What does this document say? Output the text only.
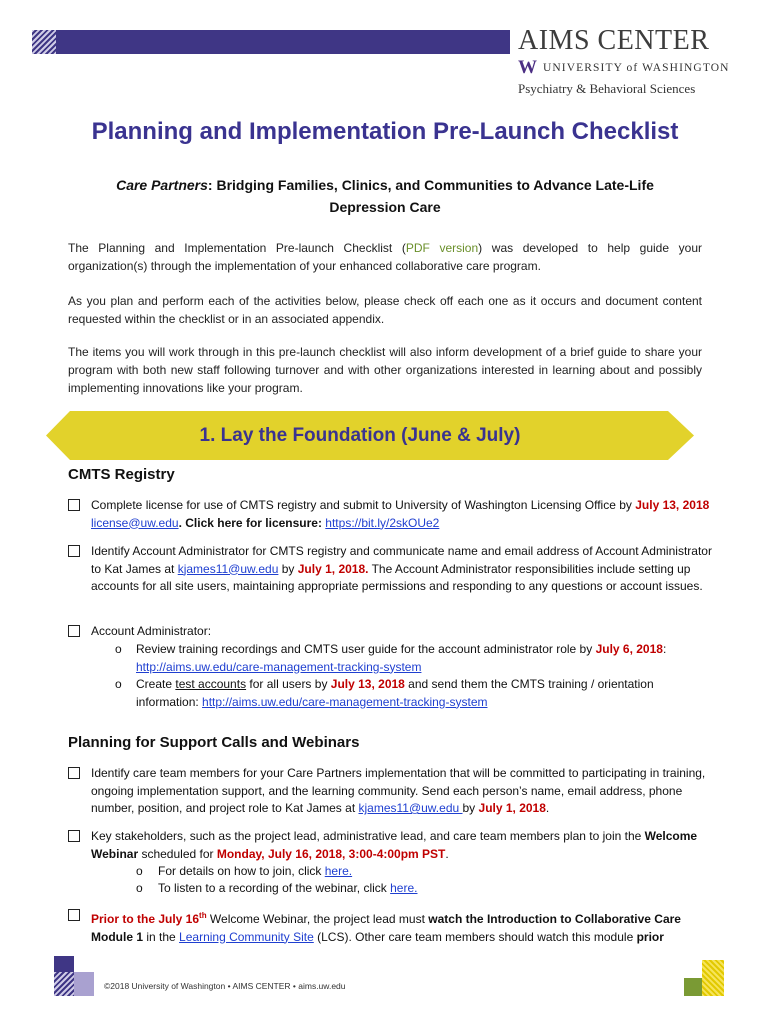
AIMS CENTER
W UNIVERSITY of WASHINGTON
Psychiatry & Behavioral Sciences
Planning and Implementation Pre-Launch Checklist
Care Partners: Bridging Families, Clinics, and Communities to Advance Late-Life Depression Care

The Planning and Implementation Pre-launch Checklist (PDF version) was developed to help guide your organization(s) through the implementation of your enhanced collaborative care program.

As you plan and perform each of the activities below, please check off each one as it occurs and document content requested within the checklist or in an associated appendix.

The items you will work through in this pre-launch checklist will also inform development of a brief guide to share your program with both new staff following turnover and with other organizations interested in learning about and possibly implementing innovations like your program.

1. Lay the Foundation (June & July)
CMTS Registry
Complete license for use of CMTS registry and submit to University of Washington Licensing Office by July 13, 2018 license@uw.edu. Click here for licensure: https://bit.ly/2skOUe2
Identify Account Administrator for CMTS registry and communicate name and email address of Account Administrator to Kat James at kjames11@uw.edu by July 1, 2018. The Account Administrator responsibilities include setting up accounts for all site users, maintaining appropriate permissions and responding to any questions or account issues.
Account Administrator:
o Review training recordings and CMTS user guide for the account administrator role by July 6, 2018: http://aims.uw.edu/care-management-tracking-system
o Create test accounts for all users by July 13, 2018 and send them the CMTS training / orientation information: http://aims.uw.edu/care-management-tracking-system
Planning for Support Calls and Webinars
Identify care team members for your Care Partners implementation that will be committed to participating in training, ongoing implementation support, and the learning community. Send each person’s name, email address, phone number, position, and project role to Kat James at kjames11@uw.edu by July 1, 2018.
Key stakeholders, such as the project lead, administrative lead, and care team members plan to join the Welcome Webinar scheduled for Monday, July 16, 2018, 3:00-4:00pm PST.
o For details on how to join, click here.
o To listen to a recording of the webinar, click here.
Prior to the July 16th Welcome Webinar, the project lead must watch the Introduction to Collaborative Care Module 1 in the Learning Community Site (LCS). Other care team members should watch this module prior
©2018 University of Washington • AIMS CENTER • aims.uw.edu
